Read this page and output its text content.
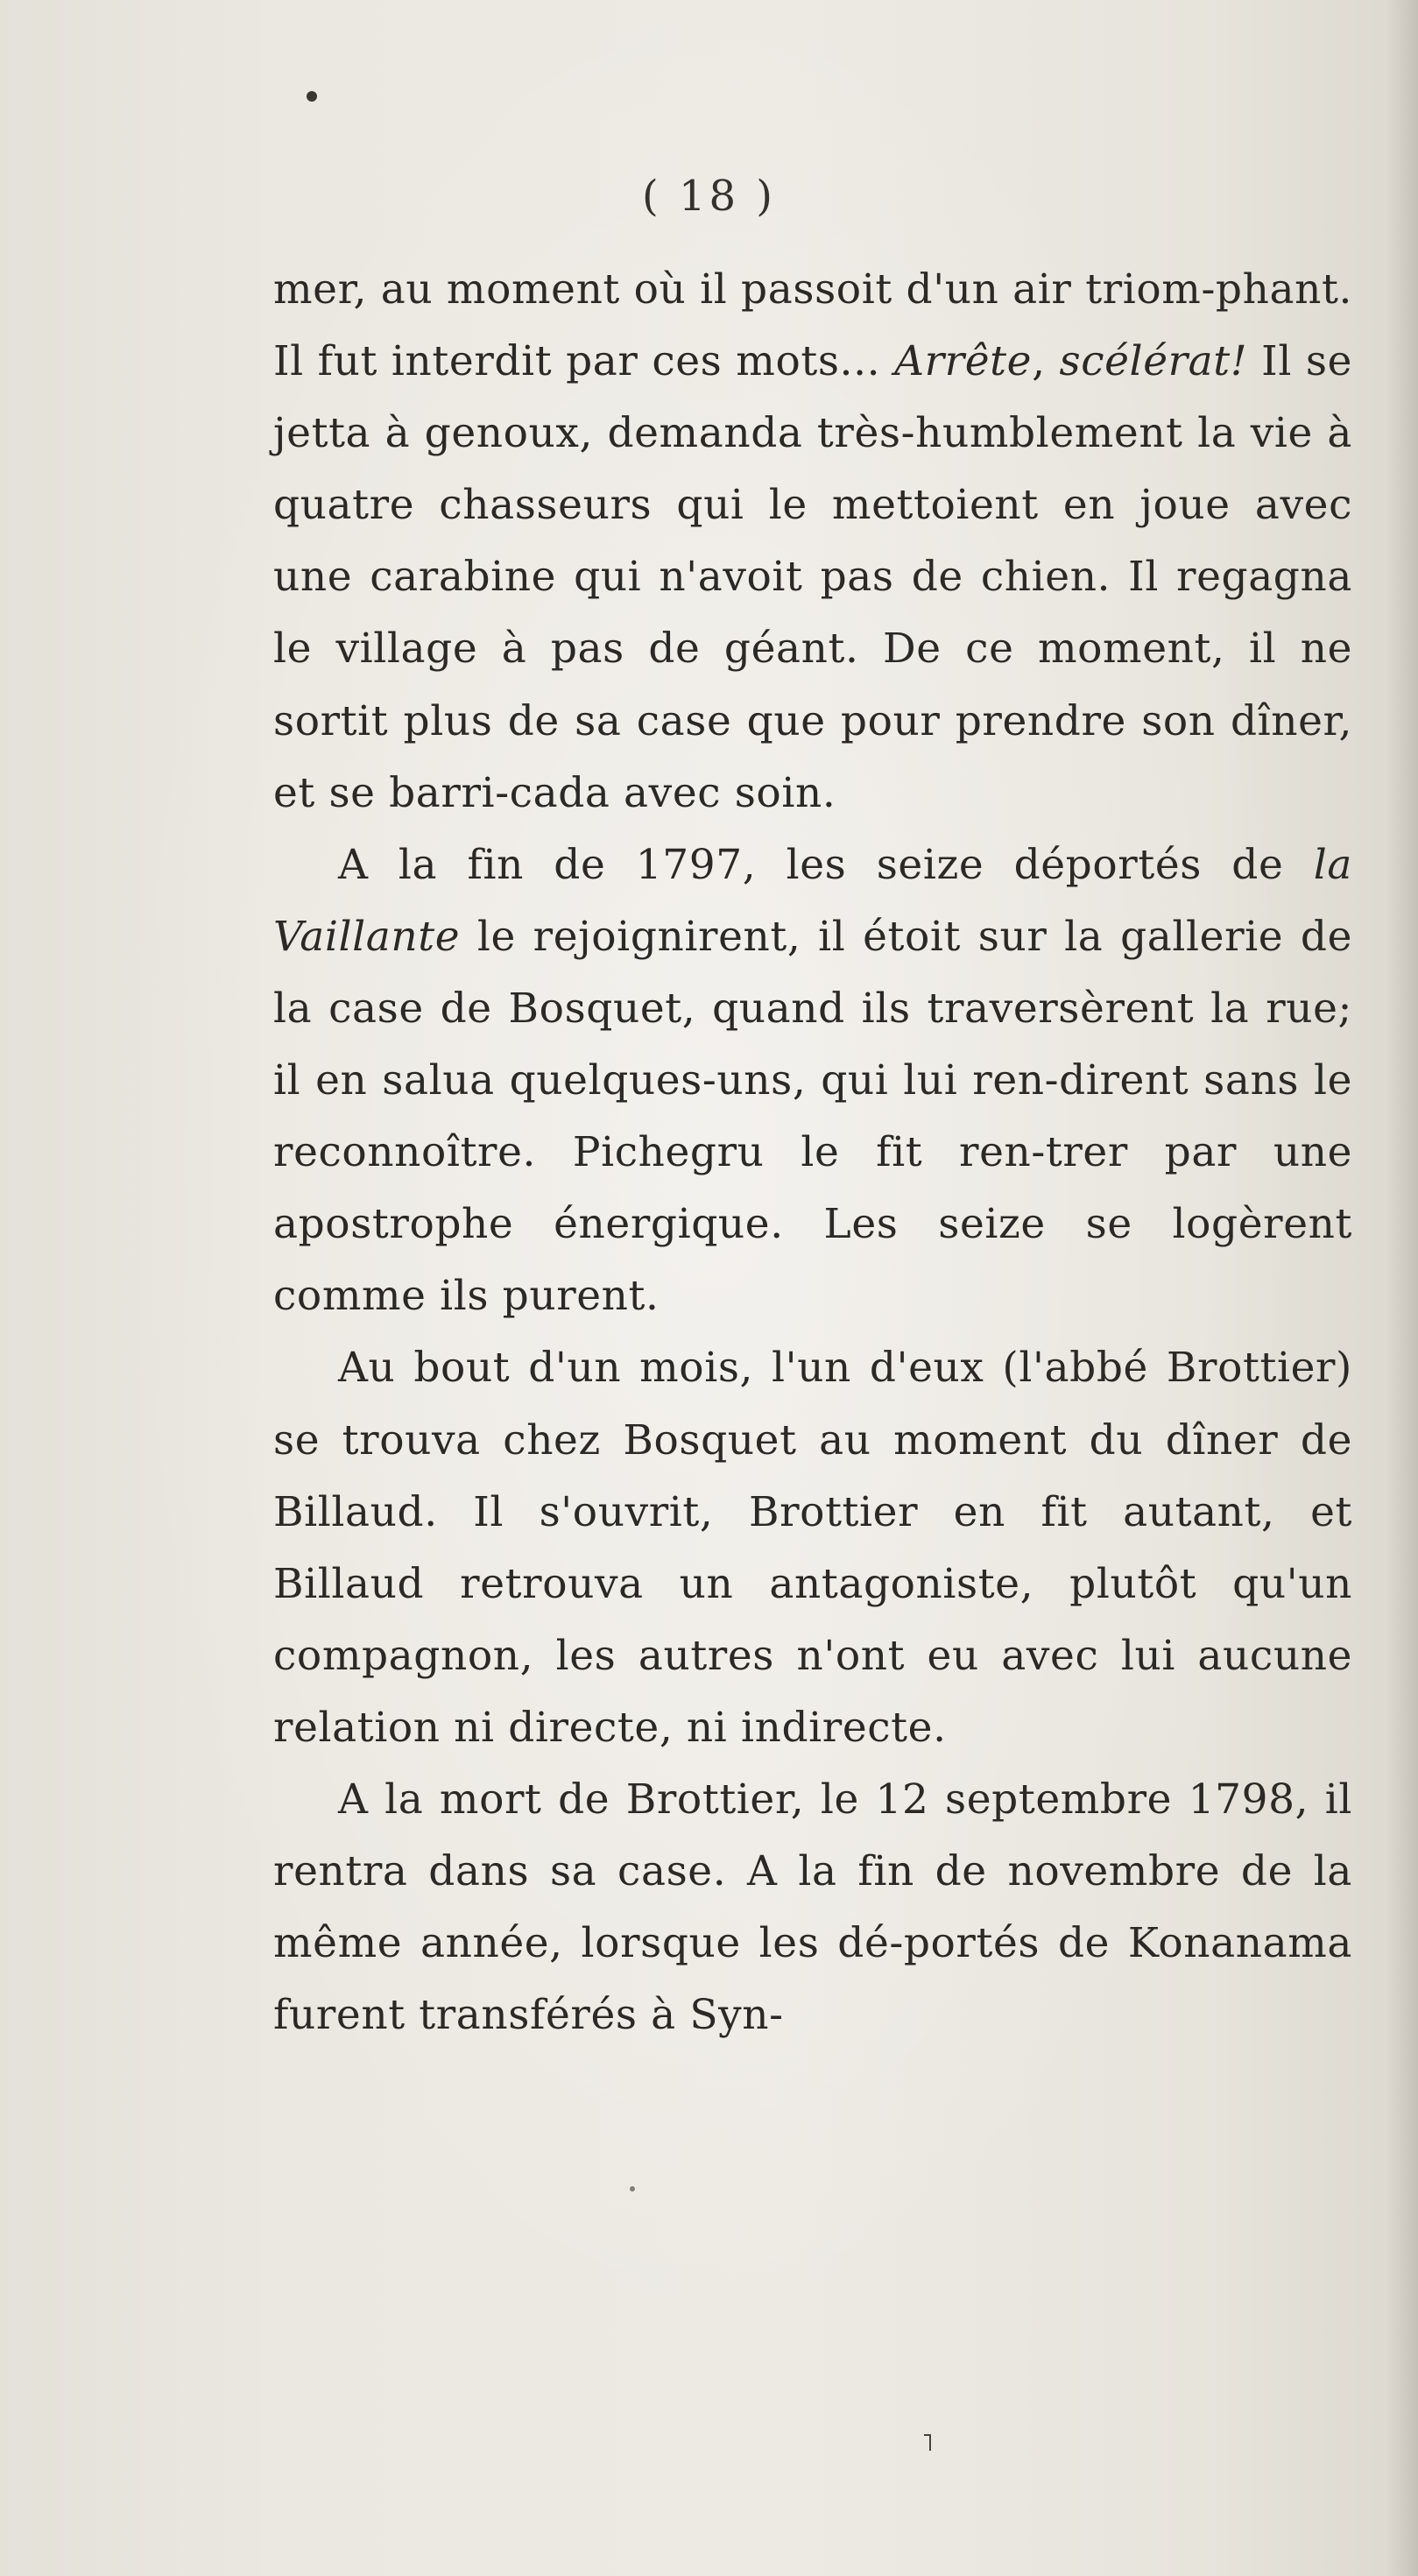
( 18 )

mer, au moment où il passoit d'un air triom-phant. Il fut interdit par ces mots... Arrête, scélérat! Il se jetta à genoux, demanda très-humblement la vie à quatre chasseurs qui le mettoient en joue avec une carabine qui n'avoit pas de chien. Il regagna le village à pas de géant. De ce moment, il ne sortit plus de sa case que pour prendre son dîner, et se barri-cada avec soin.

A la fin de 1797, les seize déportés de la Vaillante le rejoignirent, il étoit sur la gallerie de la case de Bosquet, quand ils traversèrent la rue; il en salua quelques-uns, qui lui ren-dirent sans le reconnoître. Pichegru le fit ren-trer par une apostrophe énergique. Les seize se logèrent comme ils purent.

Au bout d'un mois, l'un d'eux (l'abbé Brottier) se trouva chez Bosquet au moment du dîner de Billaud. Il s'ouvrit, Brottier en fit autant, et Billaud retrouva un antagoniste, plutôt qu'un compagnon, les autres n'ont eu avec lui aucune relation ni directe, ni indirecte.

A la mort de Brottier, le 12 septembre 1798, il rentra dans sa case. A la fin de novembre de la même année, lorsque les dé-portés de Konanama furent transférés à Syn-

˥
